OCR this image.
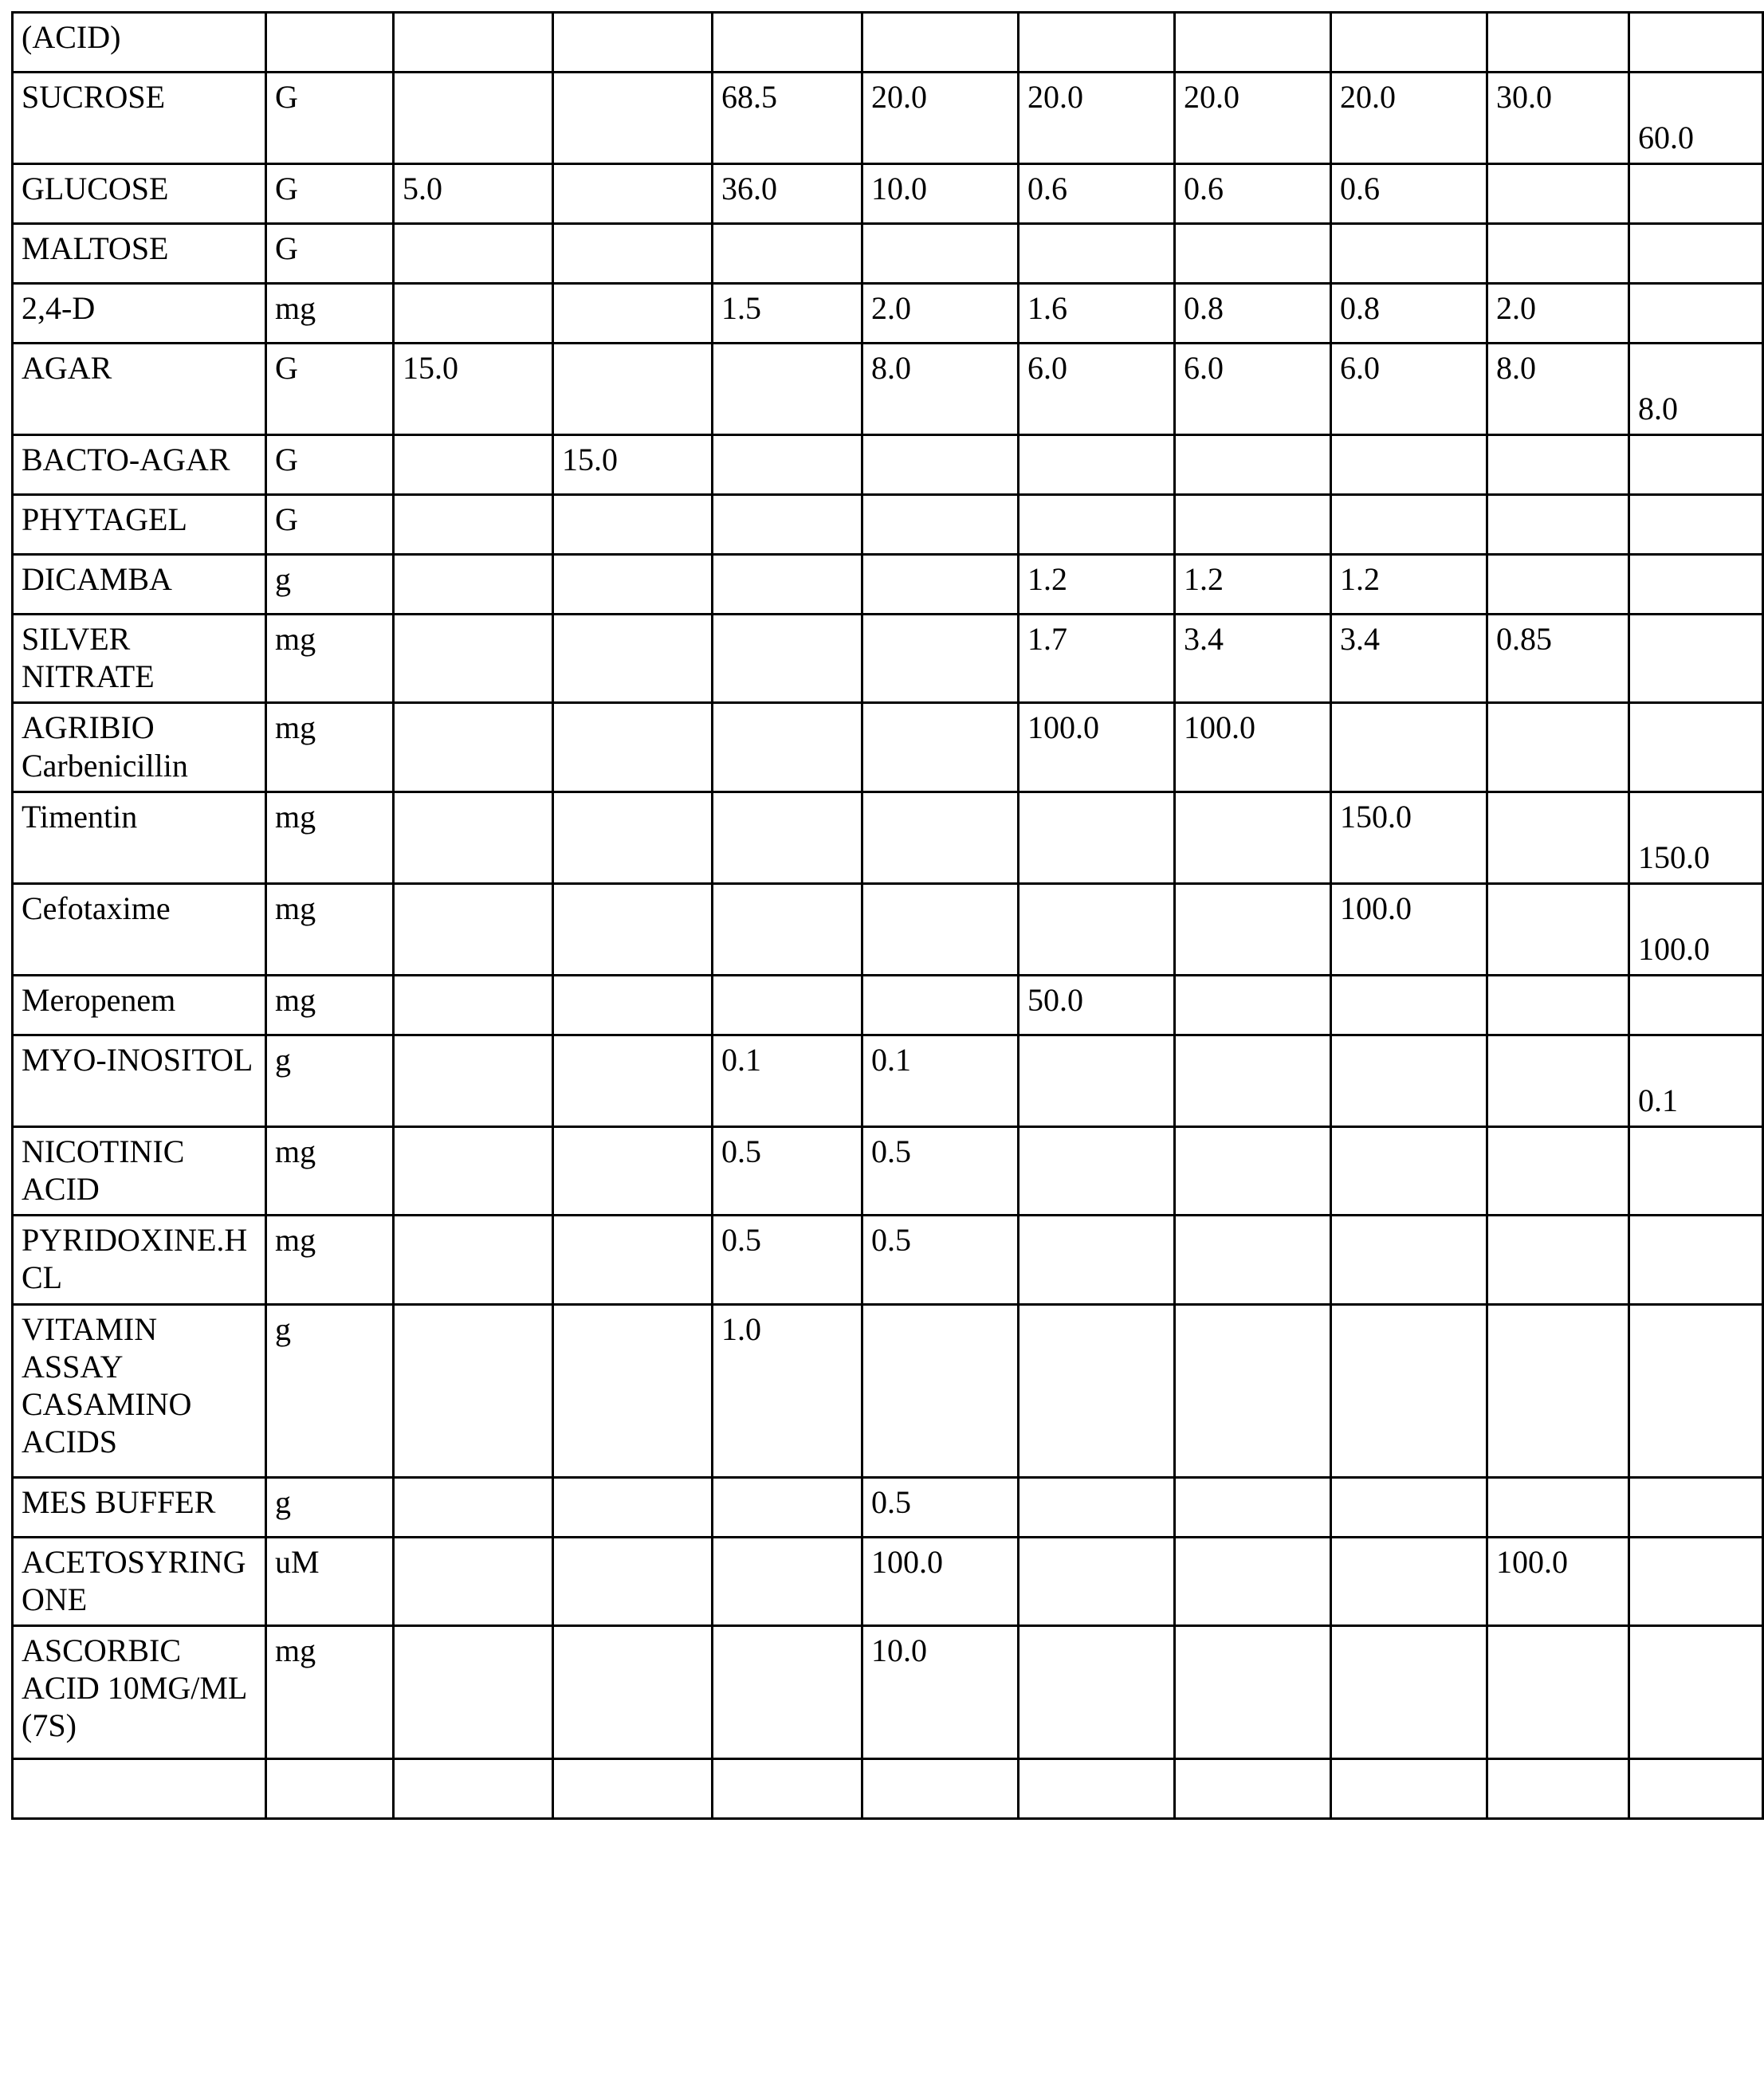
(ACID)										
SUCROSE	G			68.5	20.0	20.0	20.0	20.0	30.0	60.0
GLUCOSE	G	5.0		36.0	10.0	0.6	0.6	0.6		
MALTOSE	G									
2,4-D	mg			1.5	2.0	1.6	0.8	0.8	2.0	
AGAR	G	15.0			8.0	6.0	6.0	6.0	8.0	8.0
BACTO-AGAR	G		15.0							
PHYTAGEL	G									
DICAMBA	g					1.2	1.2	1.2		
SILVER NITRATE	mg					1.7	3.4	3.4	0.85	
AGRIBIO Carbenicillin	mg					100.0	100.0			
Timentin	mg							150.0		150.0
Cefotaxime	mg							100.0		100.0
Meropenem	mg					50.0				
MYO-INOSITOL	g			0.1	0.1					0.1
NICOTINIC ACID	mg			0.5	0.5					
PYRIDOXINE.HCL	mg			0.5	0.5					
VITAMIN ASSAY CASAMINO ACIDS	g			1.0						
MES BUFFER	g				0.5					
ACETOSYRINGONE	uM				100.0				100.0	
ASCORBIC ACID 10MG/ML (7S)	mg				10.0					
